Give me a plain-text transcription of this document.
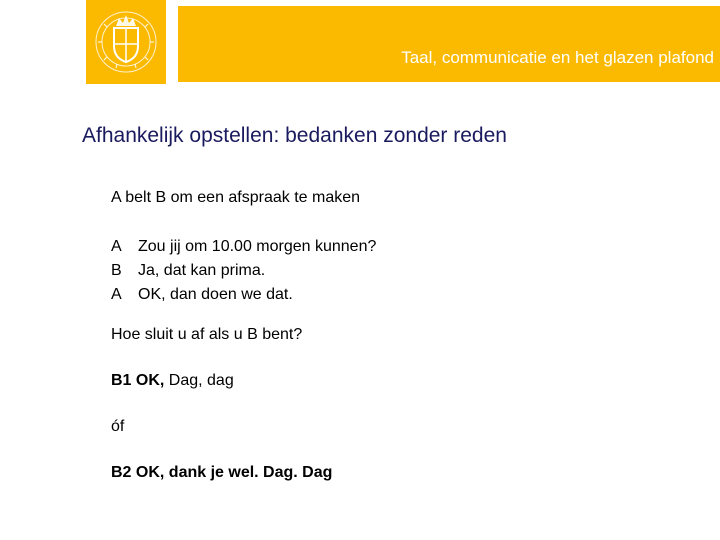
Taal, communicatie en het glazen plafond
Afhankelijk opstellen: bedanken zonder reden
A belt B om een afspraak te maken
A	Zou jij om 10.00 morgen kunnen?
B	Ja, dat kan prima.
A	OK, dan doen we dat.
Hoe sluit u af als u B bent?
B1 OK, Dag, dag
óf
B2 OK, dank je wel. Dag. Dag
